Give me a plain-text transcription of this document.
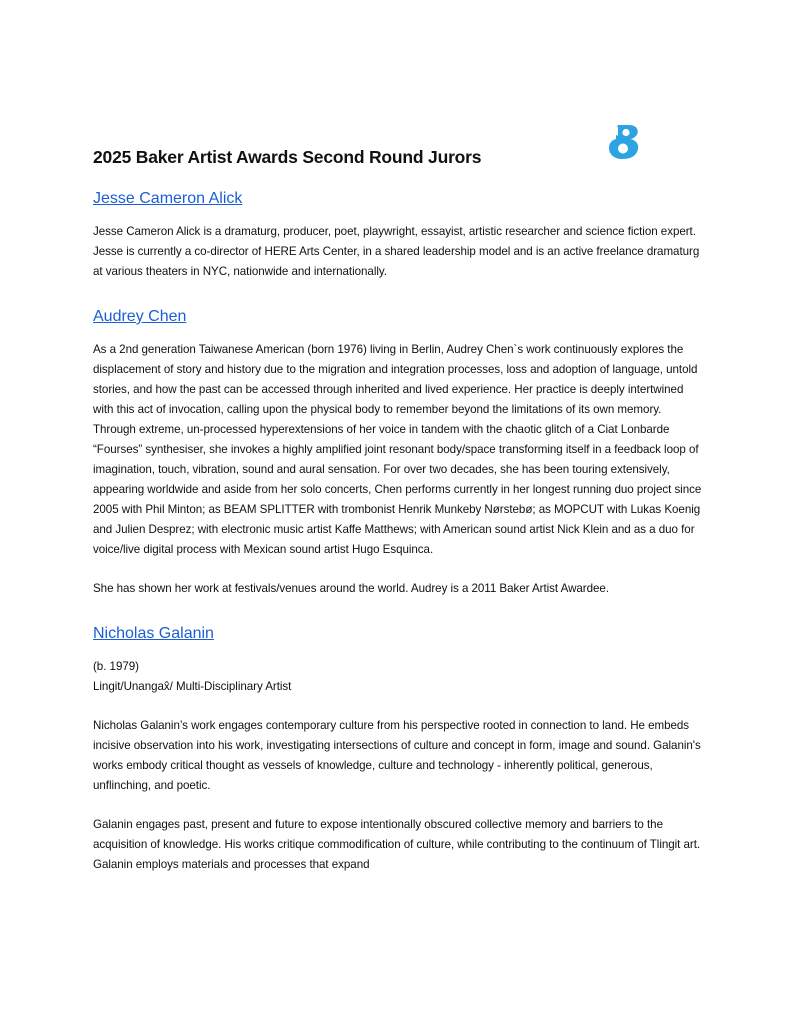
2025 Baker Artist Awards Second Round Jurors
Jesse Cameron Alick

Jesse Cameron Alick is a dramaturg, producer, poet, playwright, essayist, artistic researcher and science fiction expert. Jesse is currently a co-director of HERE Arts Center, in a shared leadership model and is an active freelance dramaturg at various theaters in NYC, nationwide and internationally.

Audrey Chen

As a 2nd generation Taiwanese American (born 1976) living in Berlin, Audrey Chen`s work continuously explores the displacement of story and history due to the migration and integration processes, loss and adoption of language, untold stories, and how the past can be accessed through inherited and lived experience. Her practice is deeply intertwined with this act of invocation, calling upon the physical body to remember beyond the limitations of its own memory. Through extreme, un-processed hyperextensions of her voice in tandem with the chaotic glitch of a Ciat Lonbarde “Fourses” synthesiser, she invokes a highly amplified joint resonant body/space transforming itself in a feedback loop of imagination, touch, vibration, sound and aural sensation. For over two decades, she has been touring extensively, appearing worldwide and aside from her solo concerts, Chen performs currently in her longest running duo project since 2005 with Phil Minton; as BEAM SPLITTER with trombonist Henrik Munkeby Nørstebø; as MOPCUT with Lukas Koenig and Julien Desprez; with electronic music artist Kaffe Matthews; with American sound artist Nick Klein and as a duo for voice/live digital process with Mexican sound artist Hugo Esquinca.

She has shown her work at festivals/venues around the world. Audrey is a 2011 Baker Artist Awardee.

Nicholas Galanin

(b. 1979)

Lingit/Unangax̂/ Multi-Disciplinary Artist

Nicholas Galanin’s work engages contemporary culture from his perspective rooted in connection to land. He embeds incisive observation into his work, investigating intersections of culture and concept in form, image and sound. Galanin's works embody critical thought as vessels of knowledge, culture and technology - inherently political, generous, unflinching, and poetic.

Galanin engages past, present and future to expose intentionally obscured collective memory and barriers to the acquisition of knowledge. His works critique commodification of culture, while contributing to the continuum of Tlingit art. Galanin employs materials and processes that expand
